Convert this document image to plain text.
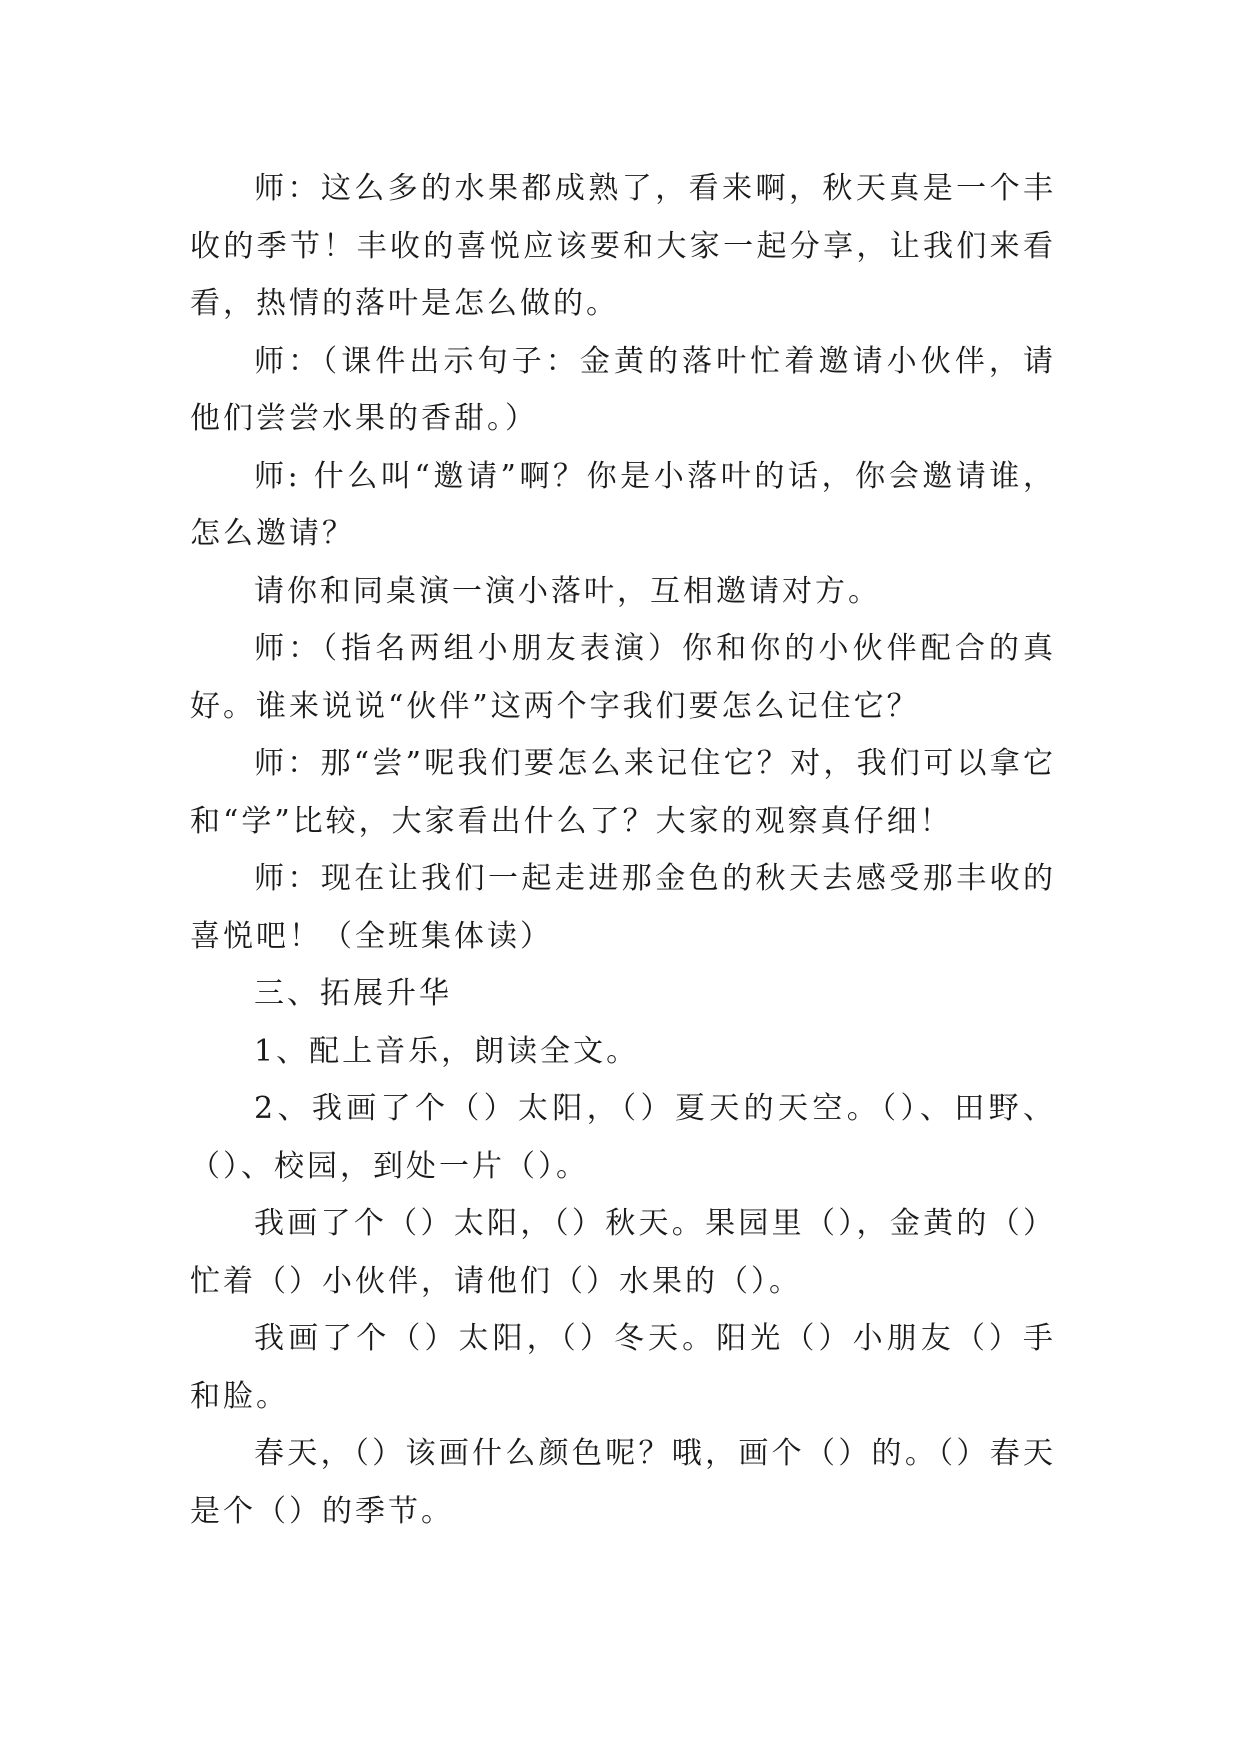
师：这么多的水果都成熟了，看来啊，秋天真是一个丰收的季节！丰收的喜悦应该要和大家一起分享，让我们来看看，热情的落叶是怎么做的。

师：（课件出示句子：金黄的落叶忙着邀请小伙伴，请他们尝尝水果的香甜。）

师: 什么叫“邀请”啊？你是小落叶的话，你会邀请谁，怎么邀请？

请你和同桌演一演小落叶，互相邀请对方。

师：（指名两组小朋友表演）你和你的小伙伴配合的真好。谁来说说“伙伴”这两个字我们要怎么记住它？

师：那“尝”呢我们要怎么来记住它？对，我们可以拿它和“学”比较，大家看出什么了？大家的观察真仔细！

师：现在让我们一起走进那金色的秋天去感受那丰收的喜悦吧！（全班集体读）

三、拓展升华

1、配上音乐，朗读全文。

2、我画了个（）太阳，（）夏天的天空。（）、田野、（）、校园，到处一片（）。

我画了个（）太阳，（）秋天。果园里（），金黄的（）忙着（）小伙伴，请他们（）水果的（）。

我画了个（）太阳，（）冬天。阳光（）小朋友（）手和脸。

春天，（）该画什么颜色呢？哦，画个（）的。（）春天是个（）的季节。
